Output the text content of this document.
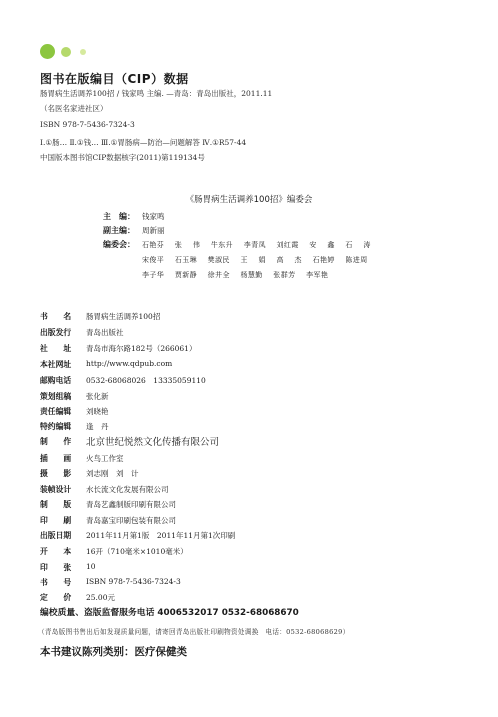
图书在版编目（CIP）数据
肠胃病生活调养100招 / 钱家鸣 主编. —青岛：青岛出版社，2011.11
（名医名家进社区）
ISBN 978-7-5436-7324-3
Ⅰ.①肠… Ⅱ.①钱… Ⅲ.①胃肠病—防治—问题解答 Ⅳ.①R57-44
中国版本图书馆CIP数据核字(2011)第119134号
《肠胃病生活调养100招》编委会
主　编： 钱家鸣
副主编： 周新丽
编委会： 石艳芬 张 伟 牛东升 李青凤 刘红霞 安 鑫 石 涛
宋俊平 石玉琳 樊淑民 王 娟 高 杰 石艳婷 陈进周
李子华 贾新静 徐井全 杨慧勤 张群芳 李军艳
书　　名 肠胃病生活调养100招
出版发行 青岛出版社
社　　址 青岛市海尔路182号（266061）
本社网址 http://www.qdpub.com
邮购电话 0532-68068026　13335059110
策划组稿 张化新
责任编辑 刘晓艳
特约编辑 逢　丹
制　　作 北京世纪悦然文化传播有限公司
插　　画 火鸟工作室
摄　　影 刘志刚　刘　计
装帧设计 水长流文化发展有限公司
制　　版 青岛艺鑫制版印刷有限公司
印　　刷 青岛嘉宝印刷包装有限公司
出版日期 2011年11月第1版　2011年11月第1次印刷
开　　本 16开（710毫米×1010毫米）
印　　张 10
书　　号 ISBN 978-7-5436-7324-3
定　　价 25.00元
编校质量、盗版监督服务电话 4006532017 0532-68068670
（青岛版图书售出后如发现质量问题，请寄回青岛出版社印刷物资处调换　电话：0532-68068629）
本书建议陈列类别：医疗保健类
